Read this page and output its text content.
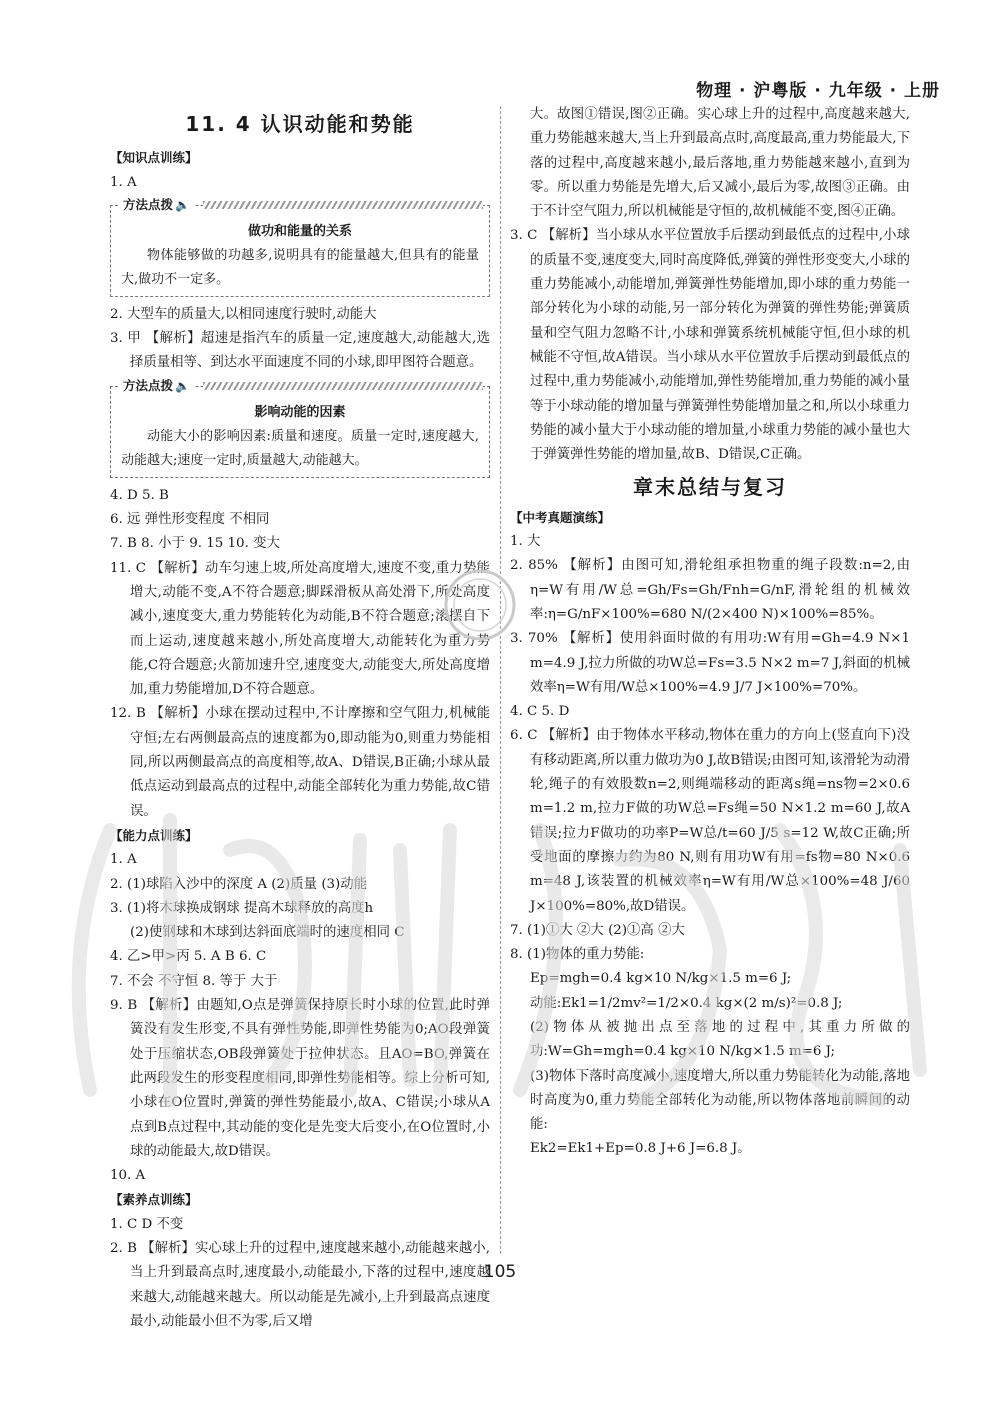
物理 · 沪粤版 · 九年级 · 上册
11. 4 认识动能和势能

【知识点训练】

1. A

方法点拨 🔈

做功和能量的关系

物体能够做的功越多,说明具有的能量越大,但具有的能量大,做功不一定多。

2. 大型车的质量大,以相同速度行驶时,动能大

3. 甲 【解析】超速是指汽车的质量一定,速度越大,动能越大,选择质量相等、到达水平面速度不同的小球,即甲图符合题意。

方法点拨 🔈

影响动能的因素

动能大小的影响因素:质量和速度。质量一定时,速度越大,动能越大;速度一定时,质量越大,动能越大。

4. D 5. B

6. 远 弹性形变程度 不相同

7. B 8. 小于 9. 15 10. 变大

11. C 【解析】动车匀速上坡,所处高度增大,速度不变,重力势能增大,动能不变,A不符合题意;脚踩滑板从高处滑下,所处高度减小,速度变大,重力势能转化为动能,B不符合题意;滚摆自下而上运动,速度越来越小,所处高度增大,动能转化为重力势能,C符合题意;火箭加速升空,速度变大,动能变大,所处高度增加,重力势能增加,D不符合题意。

12. B 【解析】小球在摆动过程中,不计摩擦和空气阻力,机械能守恒;左右两侧最高点的速度都为0,即动能为0,则重力势能相同,所以两侧最高点的高度相等,故A、D错误,B正确;小球从最低点运动到最高点的过程中,动能全部转化为重力势能,故C错误。

【能力点训练】

1. A

2. (1)球陷入沙中的深度 A (2)质量 (3)动能

3. (1)将木球换成钢球 提高木球释放的高度h

(2)使钢球和木球到达斜面底端时的速度相同 C

4. 乙>甲>丙 5. A B 6. C

7. 不会 不守恒 8. 等于 大于

9. B 【解析】由题知,O点是弹簧保持原长时小球的位置,此时弹簧没有发生形变,不具有弹性势能,即弹性势能为0;AO段弹簧处于压缩状态,OB段弹簧处于拉伸状态。且AO=BO,弹簧在此两段发生的形变程度相同,即弹性势能相等。综上分析可知,小球在O位置时,弹簧的弹性势能最小,故A、C错误;小球从A点到B点过程中,其动能的变化是先变大后变小,在O位置时,小球的动能最大,故D错误。

10. A

【素养点训练】

1. C D 不变

2. B 【解析】实心球上升的过程中,速度越来越小,动能越来越小,当上升到最高点时,速度最小,动能最小,下落的过程中,速度越来越大,动能越来越大。所以动能是先减小,上升到最高点速度最小,动能最小但不为零,后又增

大。故图①错误,图②正确。实心球上升的过程中,高度越来越大,重力势能越来越大,当上升到最高点时,高度最高,重力势能最大,下落的过程中,高度越来越小,最后落地,重力势能越来越小,直到为零。所以重力势能是先增大,后又减小,最后为零,故图③正确。由于不计空气阻力,所以机械能是守恒的,故机械能不变,图④正确。

3. C 【解析】当小球从水平位置放手后摆动到最低点的过程中,小球的质量不变,速度变大,同时高度降低,弹簧的弹性形变变大,小球的重力势能减小,动能增加,弹簧弹性势能增加,即小球的重力势能一部分转化为小球的动能,另一部分转化为弹簧的弹性势能;弹簧质量和空气阻力忽略不计,小球和弹簧系统机械能守恒,但小球的机械能不守恒,故A错误。当小球从水平位置放手后摆动到最低点的过程中,重力势能减小,动能增加,弹性势能增加,重力势能的减小量等于小球动能的增加量与弹簧弹性势能增加量之和,所以小球重力势能的减小量大于小球动能的增加量,小球重力势能的减小量也大于弹簧弹性势能的增加量,故B、D错误,C正确。

章末总结与复习

【中考真题演练】

1. 大

2. 85% 【解析】由图可知,滑轮组承担物重的绳子段数:n=2,由η=W有用/W总=Gh/Fs=Gh/Fnh=G/nF,滑轮组的机械效率:η=G/nF×100%=680 N/(2×400 N)×100%=85%。

3. 70% 【解析】使用斜面时做的有用功:W有用=Gh=4.9 N×1 m=4.9 J,拉力所做的功W总=Fs=3.5 N×2 m=7 J,斜面的机械效率η=W有用/W总×100%=4.9 J/7 J×100%=70%。

4. C 5. D

6. C 【解析】由于物体水平移动,物体在重力的方向上(竖直向下)没有移动距离,所以重力做功为0 J,故B错误;由图可知,该滑轮为动滑轮,绳子的有效股数n=2,则绳端移动的距离s绳=ns物=2×0.6 m=1.2 m,拉力F做的功W总=Fs绳=50 N×1.2 m=60 J,故A错误;拉力F做功的功率P=W总/t=60 J/5 s=12 W,故C正确;所受地面的摩擦力约为80 N,则有用功W有用=fs物=80 N×0.6 m=48 J,该装置的机械效率η=W有用/W总×100%=48 J/60 J×100%=80%,故D错误。

7. (1)①大 ②大 (2)①高 ②大

8. (1)物体的重力势能:

Ep=mgh=0.4 kg×10 N/kg×1.5 m=6 J;

动能:Ek1=1/2mv²=1/2×0.4 kg×(2 m/s)²=0.8 J;

(2)物体从被抛出点至落地的过程中,其重力所做的功:W=Gh=mgh=0.4 kg×10 N/kg×1.5 m=6 J;

(3)物体下落时高度减小,速度增大,所以重力势能转化为动能,落地时高度为0,重力势能全部转化为动能,所以物体落地前瞬间的动能:

Ek2=Ek1+Ep=0.8 J+6 J=6.8 J。

105
